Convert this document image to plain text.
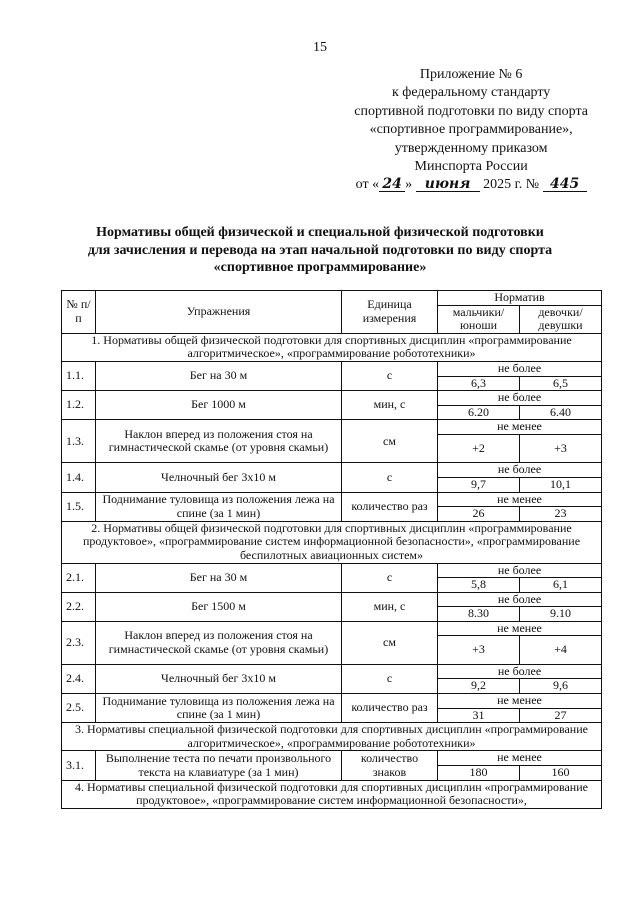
15
Приложение № 6
к федеральному стандарту
спортивной подготовки по виду спорта
«спортивное программирование»,
утвержденному приказом
Минспорта России
от « 24 » июня 2025 г. № 445
Нормативы общей физической и специальной физической подготовки
для зачисления и перевода на этап начальной подготовки по виду спорта
«спортивное программирование»
№ п/п	Упражнения	Единица измерения	Норматив	
			мальчики/ юноши	девочки/ девушки
1. Нормативы общей физической подготовки для спортивных дисциплин «программирование алгоритмическое», «программирование робототехники»				
1.1.	Бег на 30 м	с	не более	
			6,3	6,5
1.2.	Бег 1000 м	мин, с	не более	
			6.20	6.40
1.3.	Наклон вперед из положения стоя на гимнастической скамье (от уровня скамьи)	см	не менее	
			+2	+3
1.4.	Челночный бег 3х10 м	с	не более	
			9,7	10,1
1.5.	Поднимание туловища из положения лежа на спине (за 1 мин)	количество раз	не менее	
			26	23
2. Нормативы общей физической подготовки для спортивных дисциплин «программирование продуктовое», «программирование систем информационной безопасности», «программирование беспилотных авиационных систем»				
2.1.	Бег на 30 м	с	не более	
			5,8	6,1
2.2.	Бег 1500 м	мин, с	не более	
			8.30	9.10
2.3.	Наклон вперед из положения стоя на гимнастической скамье (от уровня скамьи)	см	не менее	
			+3	+4
2.4.	Челночный бег 3х10 м	с	не более	
			9,2	9,6
2.5.	Поднимание туловища из положения лежа на спине (за 1 мин)	количество раз	не менее	
			31	27
3. Нормативы специальной физической подготовки для спортивных дисциплин «программирование алгоритмическое», «программирование робототехники»				
3.1.	Выполнение теста по печати произвольного текста на клавиатуре (за 1 мин)	количество знаков	не менее	
			180	160
4. Нормативы специальной физической подготовки для спортивных дисциплин «программирование продуктовое», «программирование систем информационной безопасности»,				
